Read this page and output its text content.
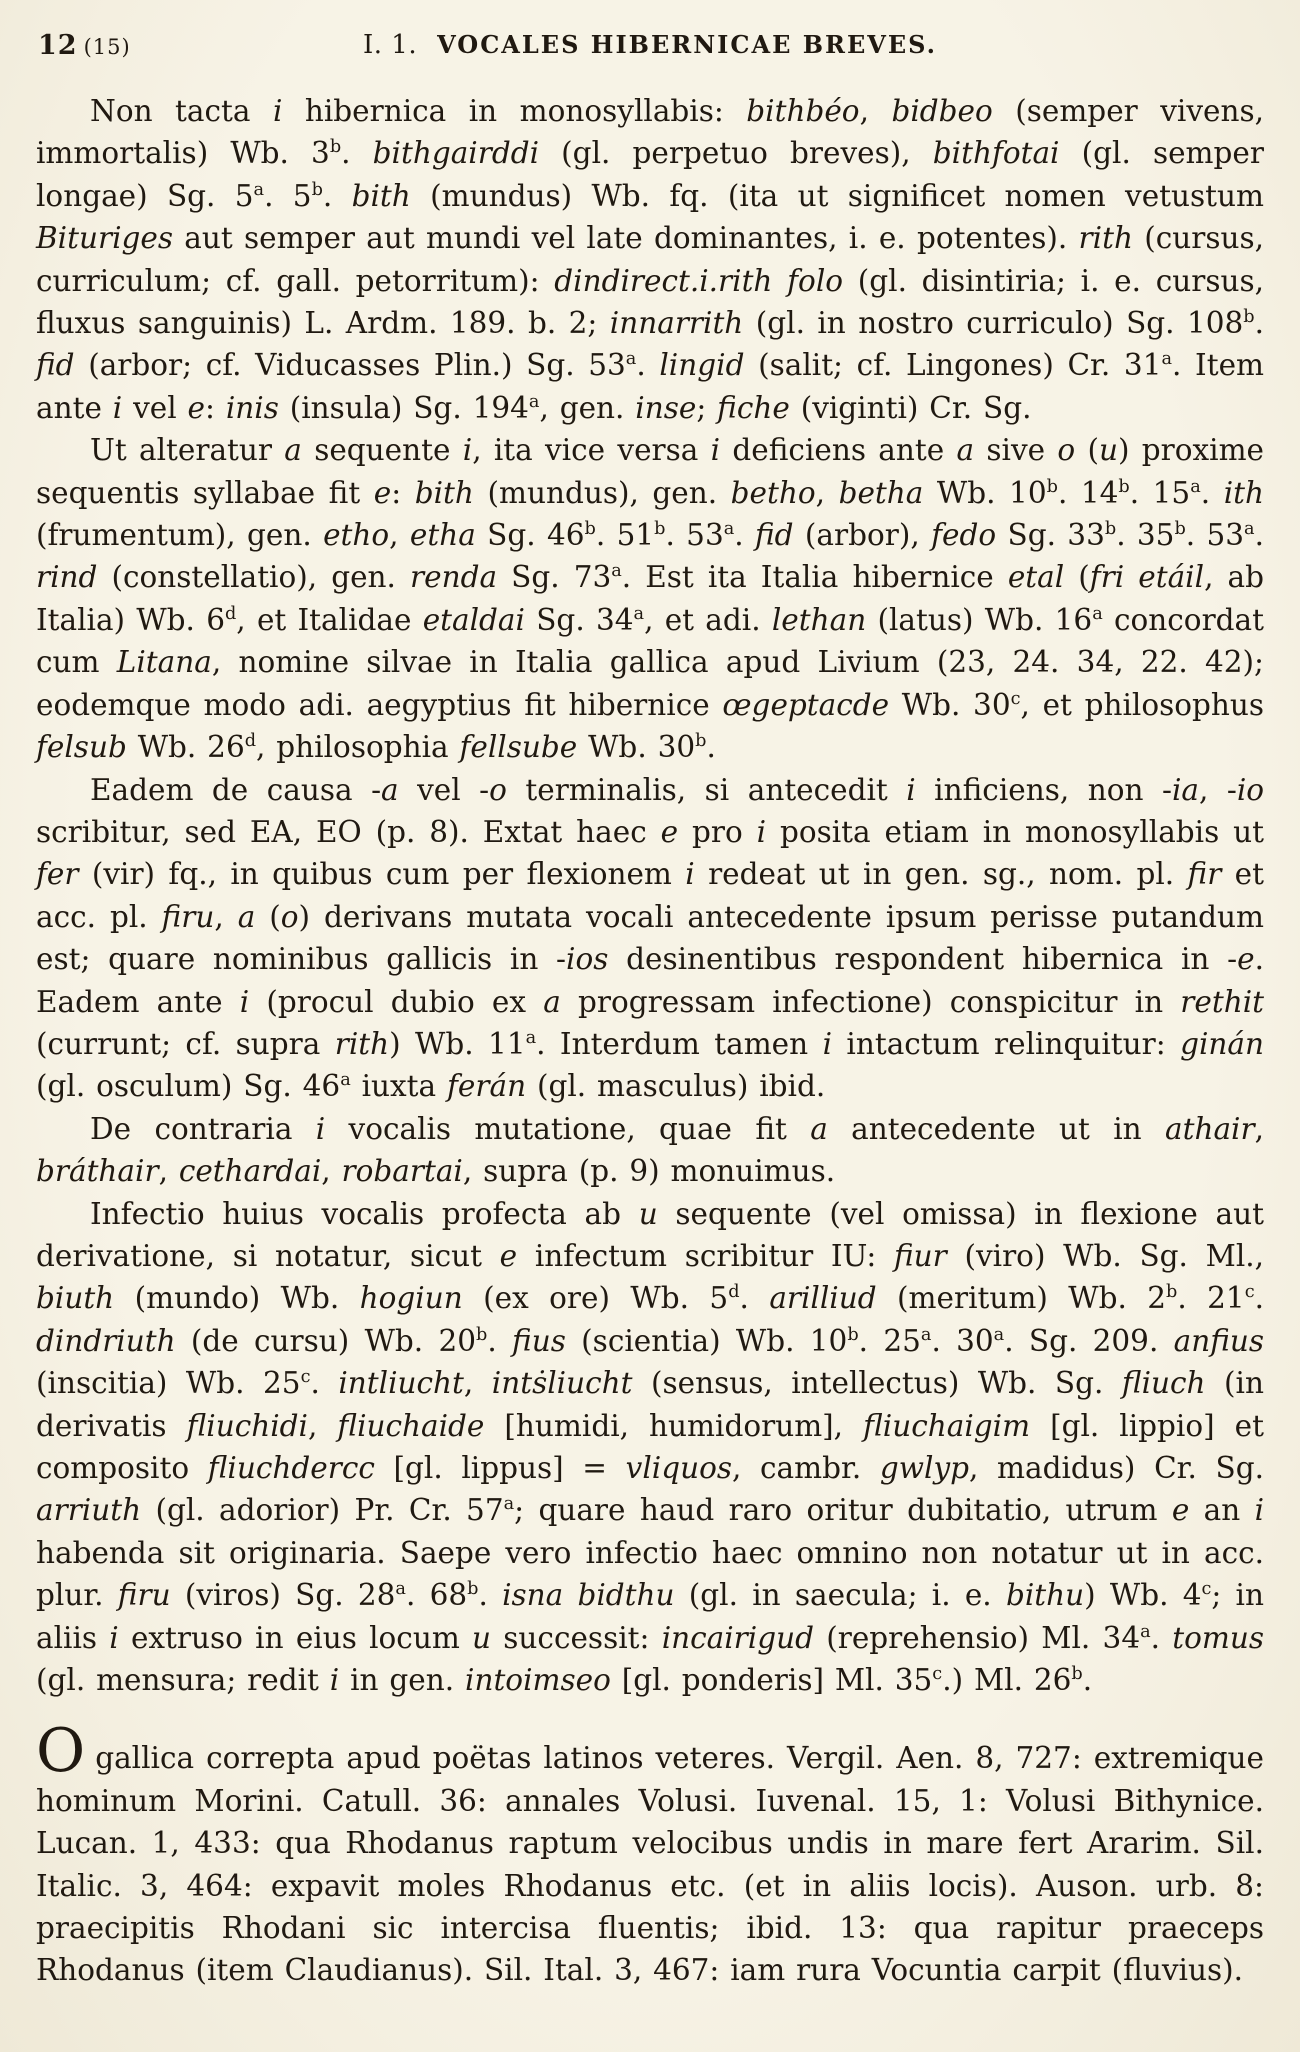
12 (15)	I. 1. VOCALES HIBERNICAE BREVES.

Non tacta i hibernica in monosyllabis: bithbéo, bidbeo (semper vivens, immortalis) Wb. 3$^b$. bithgairddi (gl. perpetuo breves), bithfotai (gl. semper longae) Sg. 5$^a$. 5$^b$. bith (mundus) Wb. fq. (ita ut significet nomen vetustum Bituriges aut semper aut mundi vel late dominantes, i. e. potentes). rith (cursus, curriculum; cf. gall. petorritum): dindirect.i.rith folo (gl. disintiria; i. e. cursus, fluxus sanguinis) L. Ardm. 189. b. 2; innarrith (gl. in nostro curriculo) Sg. 108$^b$. fid (arbor; cf. Viducasses Plin.) Sg. 53$^a$. lingid (salit; cf. Lingones) Cr. 31$^a$. Item ante i vel e: inis (insula) Sg. 194$^a$, gen. inse; fiche (viginti) Cr. Sg.

Ut alteratur a sequente i, ita vice versa i deficiens ante a sive o (u) proxime sequentis syllabae fit e: bith (mundus), gen. betho, betha Wb. 10$^b$. 14$^b$. 15$^a$. ith (frumentum), gen. etho, etha Sg. 46$^b$. 51$^b$. 53$^a$. fid (arbor), fedo Sg. 33$^b$. 35$^b$. 53$^a$. rind (constellatio), gen. renda Sg. 73$^a$. Est ita Italia hibernice etal (fri etáil, ab Italia) Wb. 6$^d$, et Italidae etaldai Sg. 34$^a$, et adi. lethan (latus) Wb. 16$^a$ concordat cum Litana, nomine silvae in Italia gallica apud Livium (23, 24. 34, 22. 42); eodemque modo adi. aegyptius fit hibernice œgeptacde Wb. 30$^c$, et philosophus felsub Wb. 26$^d$, philosophia fellsube Wb. 30$^b$.

Eadem de causa -a vel -o terminalis, si antecedit i inficiens, non -ia, -io scribitur, sed EA, EO (p. 8). Extat haec e pro i posita etiam in monosyllabis ut fer (vir) fq., in quibus cum per flexionem i redeat ut in gen. sg., nom. pl. fir et acc. pl. firu, a (o) derivans mutata vocali antecedente ipsum perisse putandum est; quare nominibus gallicis in -ios desinentibus respondent hibernica in -e. Eadem ante i (procul dubio ex a progressam infectione) conspicitur in rethit (currunt; cf. supra rith) Wb. 11$^a$. Interdum tamen i intactum relinquitur: ginán (gl. osculum) Sg. 46$^a$ iuxta ferán (gl. masculus) ibid.

De contraria i vocalis mutatione, quae fit a antecedente ut in athair, bráthair, cethardai, robartai, supra (p. 9) monuimus.

Infectio huius vocalis profecta ab u sequente (vel omissa) in flexione aut derivatione, si notatur, sicut e infectum scribitur IU: fiur (viro) Wb. Sg. Ml., biuth (mundo) Wb. hogiun (ex ore) Wb. 5$^d$. arilliud (meritum) Wb. 2$^b$. 21$^c$. dindriuth (de cursu) Wb. 20$^b$. fius (scientia) Wb. 10$^b$. 25$^a$. 30$^a$. Sg. 209. anfius (inscitia) Wb. 25$^c$. intliucht, intṡliucht (sensus, intellectus) Wb. Sg. fliuch (in derivatis fliuchidi, fliuchaide [humidi, humidorum], fliuchaigim [gl. lippio] et composito fliuchdercc [gl. lippus] = vliquos, cambr. gwlyp, madidus) Cr. Sg. arriuth (gl. adorior) Pr. Cr. 57$^a$; quare haud raro oritur dubitatio, utrum e an i habenda sit originaria. Saepe vero infectio haec omnino non notatur ut in acc. plur. firu (viros) Sg. 28$^a$. 68$^b$. isna bidthu (gl. in saecula; i. e. bithu) Wb. 4$^c$; in aliis i extruso in eius locum u successit: incairigud (reprehensio) Ml. 34$^a$. tomus (gl. mensura; redit i in gen. intoimseo [gl. ponderis] Ml. 35$^c$.) Ml. 26$^b$.

Ogallica correpta apud poëtas latinos veteres. Vergil. Aen. 8, 727: extremique hominum Morini. Catull. 36: annales Volusi. Iuvenal. 15, 1: Volusi Bithynice. Lucan. 1, 433: qua Rhodanus raptum velocibus undis in mare fert Ararim. Sil. Italic. 3, 464: expavit moles Rhodanus etc. (et in aliis locis). Auson. urb. 8: praecipitis Rhodani sic intercisa fluentis; ibid. 13: qua rapitur praeceps Rhodanus (item Claudianus). Sil. Ital. 3, 467: iam rura Vocuntia carpit (fluvius).
